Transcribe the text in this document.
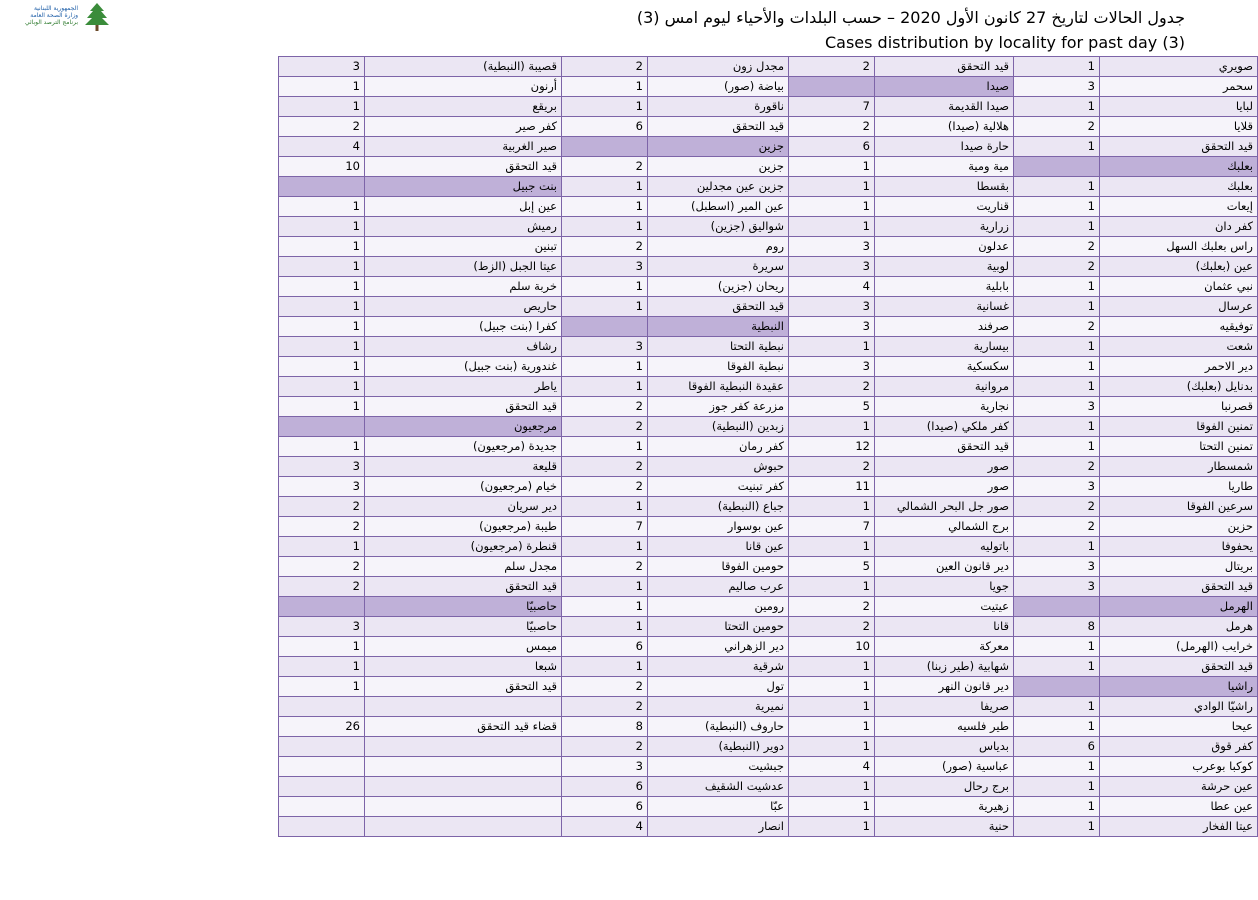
الجمهورية اللبنانية
وزارة الصحة العامة
برنامج الترصد الوبائي	جدول الحالات لتاريخ 27 كانون الأول 2020 – حسب البلدات والأحياء ليوم امس (3)
Cases distribution by locality for past day (3)
3	قصيبة (النبطية)	2	مجدل زون	2	قيد التحقق	1	صويري
1	أرنون	1	بياضة (صور)		صيدا	3	سحمر
1	بريقع	1	ناقورة	7	صيدا القديمة	1	لبايا
2	كفر صير	6	قيد التحقق	2	هلالية (صيدا)	2	قلايا
4	صير الغربية		جزين	6	حارة صيدا	1	قيد التحقق
10	قيد التحقق	2	جزين	1	مية ومية		بعلبك
	بنت جبيل	1	جزين عين مجدلين	1	بقسطا	1	بعلبك
1	عين إبل	1	عين المير (اسطبل)	1	قناريت	1	إيعات
1	رميش	1	شواليق (جزين)	1	زرارية	1	كفر دان
1	تبنين	2	روم	3	عدلون	2	راس بعلبك السهل
1	عيتا الجبل (الزط)	3	سريرة	3	لوبية	2	عين (بعلبك)
1	خربة سلم	1	ريحان (جزين)	4	بابلية	1	نبي عثمان
1	حاريص	1	قيد التحقق	3	غسانية	1	عرسال
1	كفرا (بنت جبيل)		النبطية	3	صرفند	2	توفيقيه
1	رشاف	3	نبطية التحتا	1	بيسارية	1	شعت
1	غندورية (بنت جبيل)	1	نبطية الفوقا	3	سكسكية	1	دير الاحمر
1	ياطر	1	عقيدة النبطية الفوقا	2	مروانية	1	بدنايل (بعلبك)
1	قيد التحقق	2	مزرعة كفر جوز	5	نجارية	3	قصرنبا
	مرجعيون	2	زبدين (النبطية)	1	كفر ملكي (صيدا)	1	تمنين الفوقا
1	جديدة (مرجعيون)	1	كفر رمان	12	قيد التحقق	1	تمنين التحتا
3	قليعة	2	حبوش	2	صور	2	شمسطار
3	خيام (مرجعيون)	2	كفر تبنيت	11	صور	3	طاريا
2	دير سريان	1	جباع (النبطية)	1	صور جل البحر الشمالي	2	سرعين الفوقا
2	طيبة (مرجعيون)	7	عين بوسوار	7	برج الشمالي	2	حزين
1	قنطرة (مرجعيون)	1	عين قانا	1	باتوليه	1	يحفوفا
2	مجدل سلم	2	حومين الفوقا	5	دير قانون العين	3	بريتال
2	قيد التحقق	1	عرب صاليم	1	جويا	3	قيد التحقق
	حاصبيّا	1	رومين	2	عيتيت		الهرمل
3	حاصبيّا	1	حومين التحتا	2	قانا	8	هرمل
1	ميمس	6	دير الزهراني	10	معركة	1	خرايب (الهرمل)
1	شبعا	1	شرقية	1	شهابية (طير زبنا)	1	قيد التحقق
1	قيد التحقق	2	تول	1	دير قانون النهر		راشيا
		2	نميرية	1	صريفا	1	راشيّا الوادي
26	قضاء قيد التحقق	8	حاروف (النبطية)	1	طير فلسيه	1	عيحا
		2	دوير (النبطية)	1	بدياس	6	كفر قوق
		3	جبشيت	4	عباسية (صور)	1	كوكبا بوعرب
		6	عدشيت الشقيف	1	برج رحال	1	عين حرشة
		6	عبّا	1	زهيرية	1	عين عطا
		4	انصار	1	حنية	1	عيتا الفخار
